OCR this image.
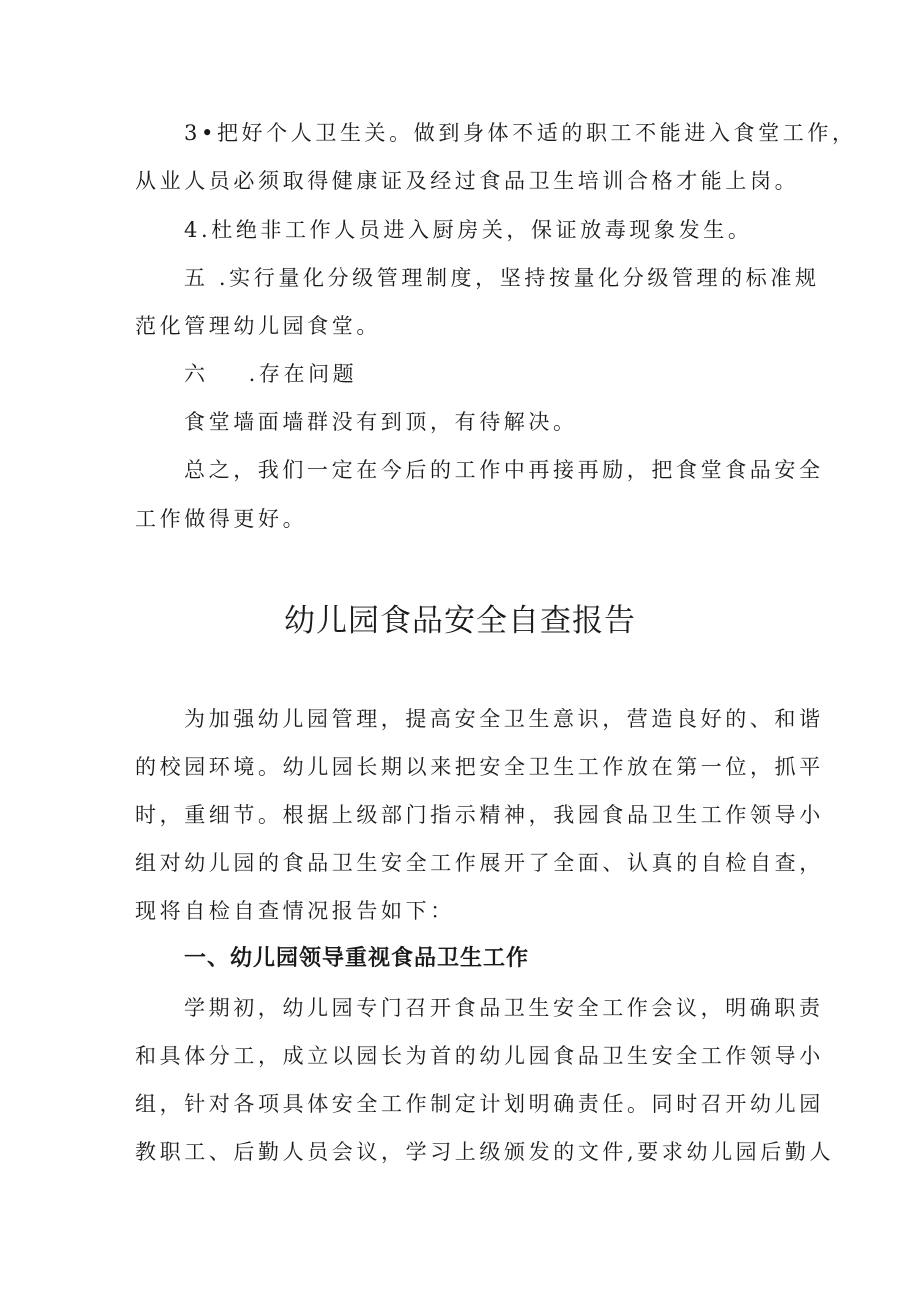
3•把好个人卫生关。做到身体不适的职工不能进入食堂工作，
从业人员必须取得健康证及经过食品卫生培训合格才能上岗。
4.杜绝非工作人员进入厨房关，保证放毒现象发生。
五 .实行量化分级管理制度，坚持按量化分级管理的标准规
范化管理幼儿园食堂。
六 .存在问题
食堂墙面墙群没有到顶，有待解决。
总之，我们一定在今后的工作中再接再励，把食堂食品安全
工作做得更好。
幼儿园食品安全自查报告
为加强幼儿园管理，提高安全卫生意识，营造良好的、和谐
的校园环境。幼儿园长期以来把安全卫生工作放在第一位，抓平
时，重细节。根据上级部门指示精神，我园食品卫生工作领导小
组对幼儿园的食品卫生安全工作展开了全面、认真的自检自查，
现将自检自查情况报告如下：
一、幼儿园领导重视食品卫生工作
学期初，幼儿园专门召开食品卫生安全工作会议，明确职责
和具体分工，成立以园长为首的幼儿园食品卫生安全工作领导小
组，针对各项具体安全工作制定计划明确责任。同时召开幼儿园
教职工、后勤人员会议，学习上级颁发的文件,要求幼儿园后勤人
